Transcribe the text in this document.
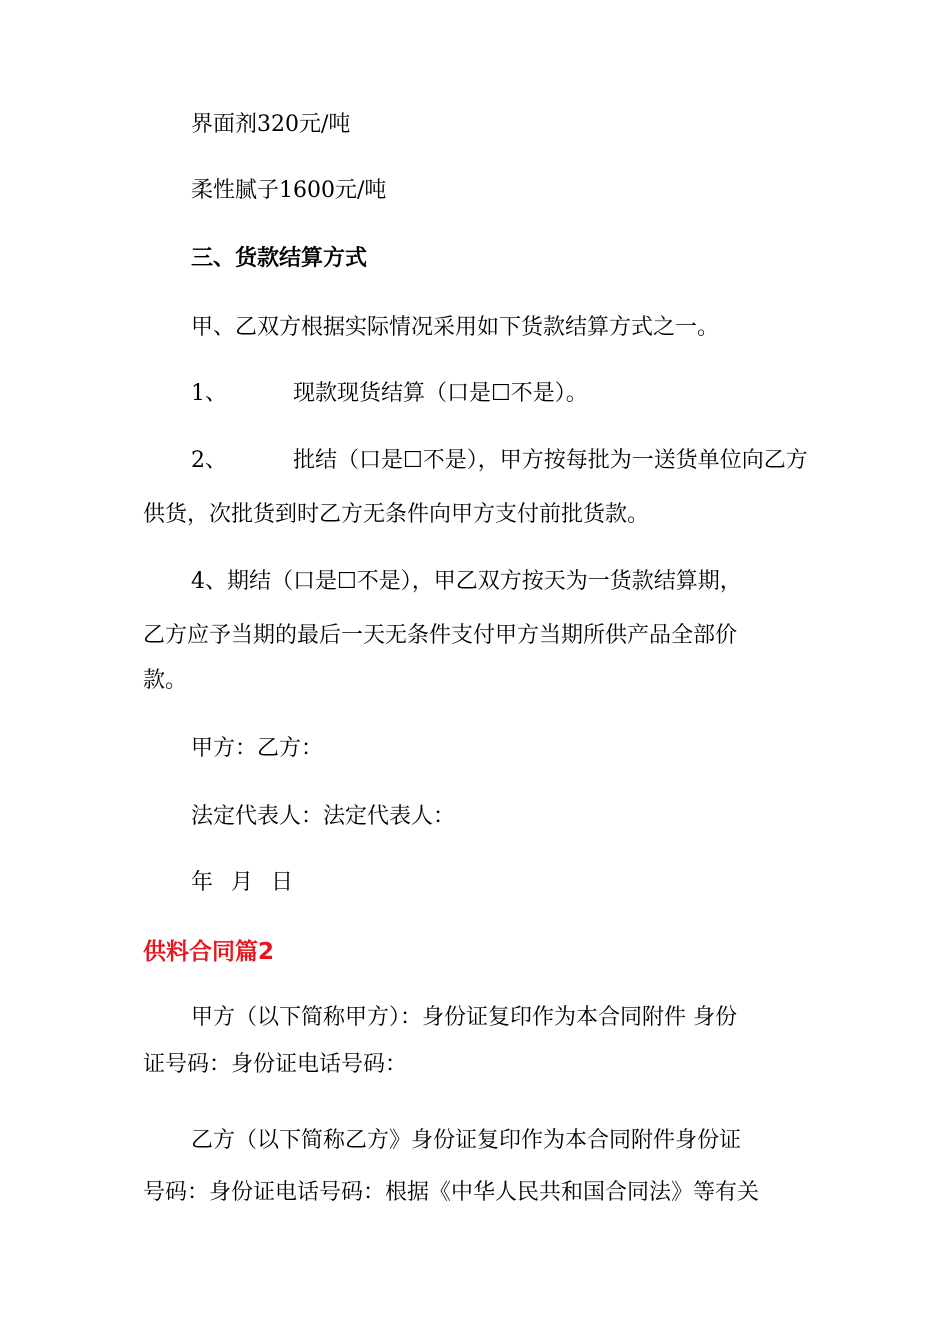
界面剂320元/吨
柔性腻子1600元/吨
三、货款结算方式
甲、乙双方根据实际情况采用如下货款结算方式之一。
1、	现款现货结算（口是☐不是）。
2、	批结（口是☐不是），甲方按每批为一送货单位向乙方
供货，次批货到时乙方无条件向甲方支付前批货款。
4、期结（口是☐不是），甲乙双方按天为一货款结算期，
乙方应予当期的最后一天无条件支付甲方当期所供产品全部价
款。
甲方：乙方：
法定代表人：法定代表人：
年 月 日
供料合同篇2
甲方（以下简称甲方）：身份证复印作为本合同附件 身份
证号码：身份证电话号码：
乙方（以下简称乙方》身份证复印作为本合同附件身份证
号码：身份证电话号码：根据《中华人民共和国合同法》等有关
